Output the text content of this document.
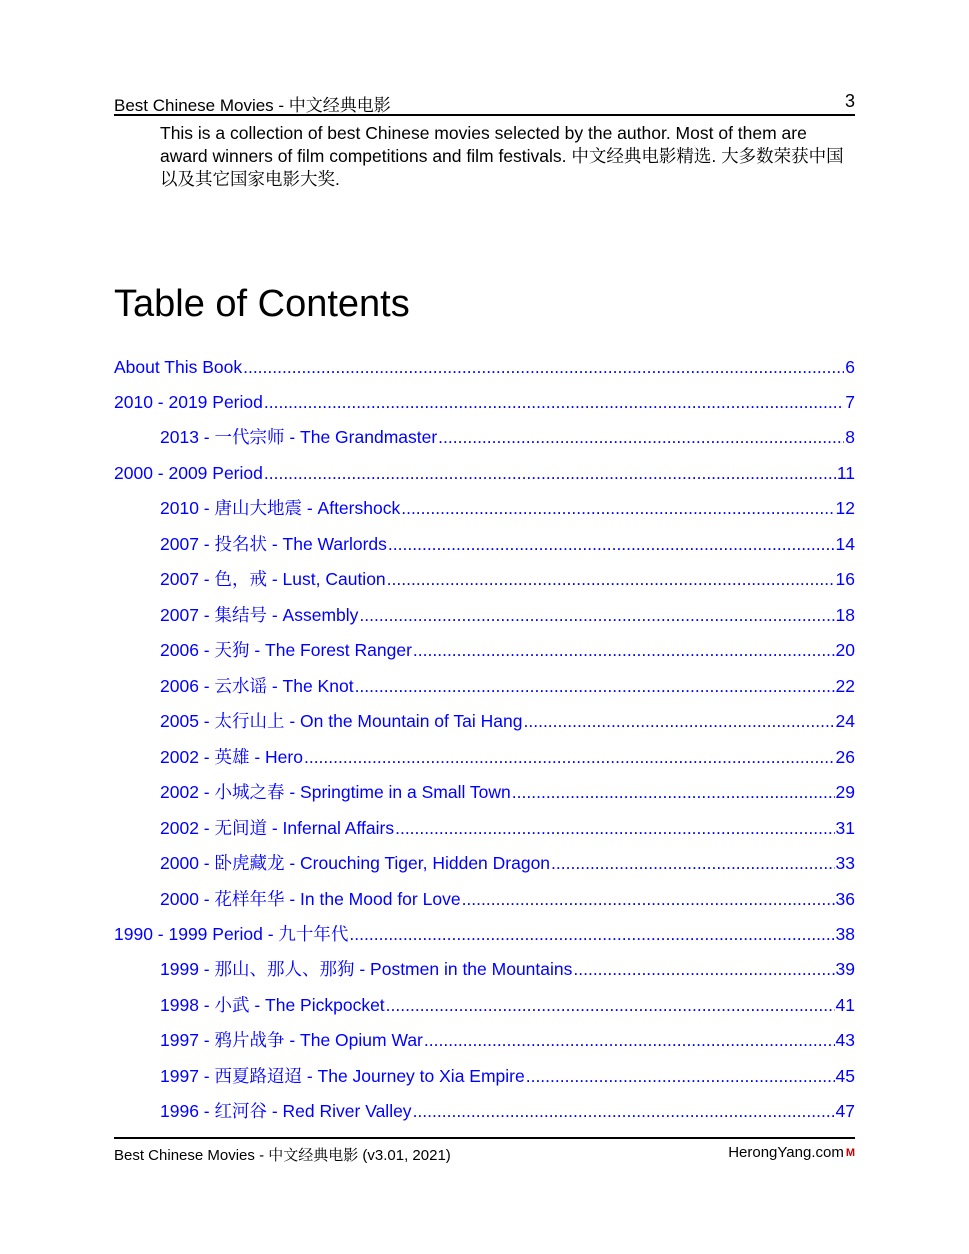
Best Chinese Movies - 中文经典电影	3
This is a collection of best Chinese movies selected by the author. Most of them are award winners of film competitions and film festivals. 中文经典电影精选. 大多数荣获中国以及其它国家电影大奖.
Table of Contents
About This Book .....	6
2010 - 2019 Period .....	7
2013 - 一代宗师 - The Grandmaster .....	8
2000 - 2009 Period .....	11
2010 - 唐山大地震 - Aftershock .....	12
2007 - 投名状 - The Warlords .....	14
2007 - 色，戒 - Lust, Caution .....	16
2007 - 集结号 - Assembly .....	18
2006 - 天狗 - The Forest Ranger .....	20
2006 - 云水谣 - The Knot .....	22
2005 - 太行山上 - On the Mountain of Tai Hang .....	24
2002 - 英雄 - Hero .....	26
2002 - 小城之春 - Springtime in a Small Town .....	29
2002 - 无间道 - Infernal Affairs .....	31
2000 - 卧虎藏龙 - Crouching Tiger, Hidden Dragon .....	33
2000 - 花样年华 - In the Mood for Love .....	36
1990 - 1999 Period - 九十年代 .....	38
1999 - 那山、那人、那狗 - Postmen in the Mountains .....	39
1998 - 小武 - The Pickpocket .....	41
1997 - 鸦片战争 - The Opium War .....	43
1997 - 西夏路迢迢 - The Journey to Xia Empire .....	45
1996 - 红河谷 - Red River Valley .....	47
Best Chinese Movies - 中文经典电影 (v3.01, 2021)	HerongYang.com M
